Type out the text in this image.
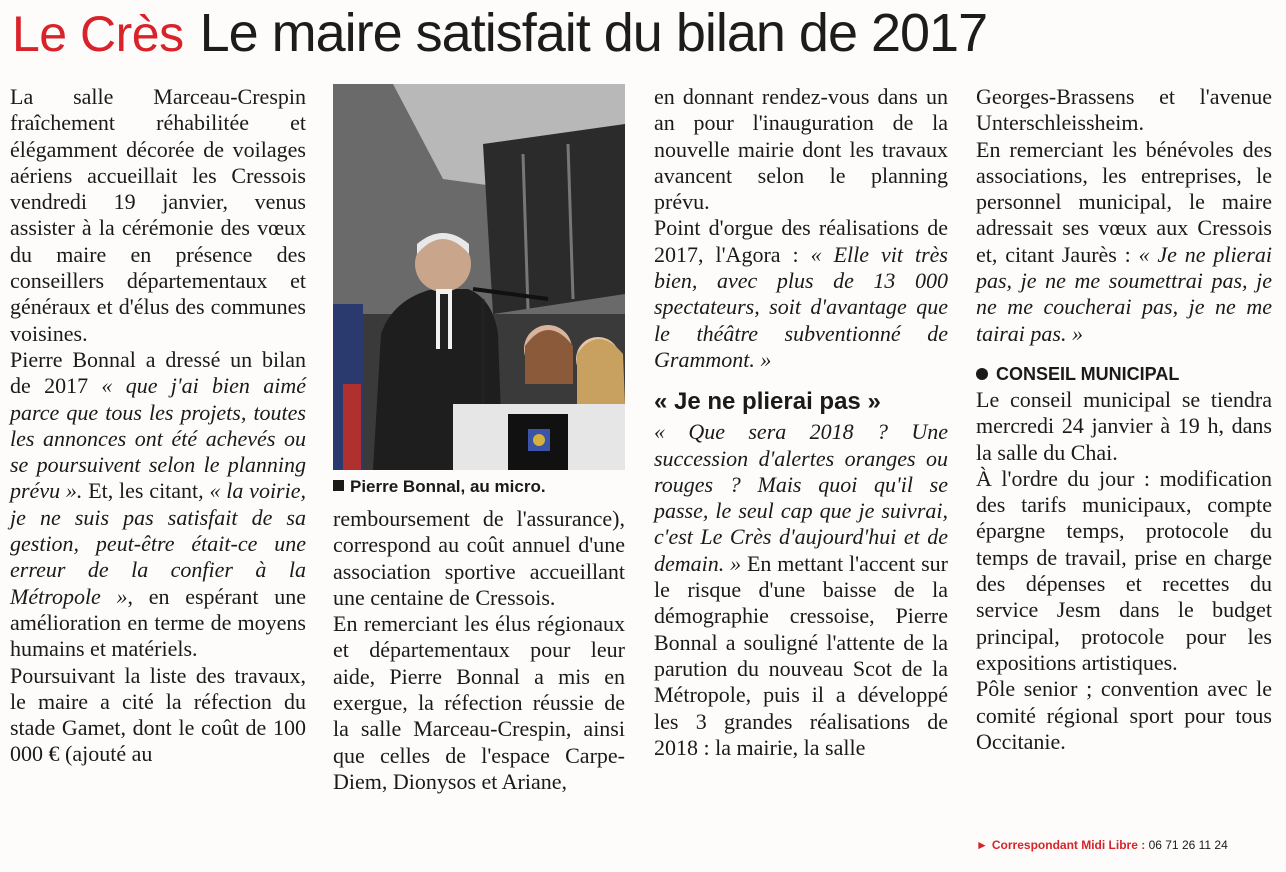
Le Crès Le maire satisfait du bilan de 2017

La salle Marceau-Crespin fraîchement réhabilitée et élégamment décorée de voilages aériens accueillait les Cressois vendredi 19 janvier, venus assister à la cérémonie des vœux du maire en présence des conseillers départementaux et généraux et d'élus des communes voisines.

Pierre Bonnal a dressé un bilan de 2017 « que j'ai bien aimé parce que tous les projets, toutes les annonces ont été achevés ou se poursuivent selon le planning prévu ». Et, les citant, « la voirie, je ne suis pas satisfait de sa gestion, peut-être était-ce une erreur de la confier à la Métropole », en espérant une amélioration en terme de moyens humains et matériels.

Poursuivant la liste des travaux, le maire a cité la réfection du stade Gamet, dont le coût de 100 000 € (ajouté au

Pierre Bonnal, au micro.

remboursement de l'assurance), correspond au coût annuel d'une association sportive accueillant une centaine de Cressois.

En remerciant les élus régionaux et départementaux pour leur aide, Pierre Bonnal a mis en exergue, la réfection réussie de la salle Marceau-Crespin, ainsi que celles de l'espace Carpe-Diem, Dionysos et Ariane,

en donnant rendez-vous dans un an pour l'inauguration de la nouvelle mairie dont les travaux avancent selon le planning prévu.

Point d'orgue des réalisations de 2017, l'Agora : « Elle vit très bien, avec plus de 13 000 spectateurs, soit d'avantage que le théâtre subventionné de Grammont. »

« Je ne plierai pas »

« Que sera 2018 ? Une succession d'alertes oranges ou rouges ? Mais quoi qu'il se passe, le seul cap que je suivrai, c'est Le Crès d'aujourd'hui et de demain. » En mettant l'accent sur le risque d'une baisse de la démographie cressoise, Pierre Bonnal a souligné l'attente de la parution du nouveau Scot de la Métropole, puis il a développé les 3 grandes réalisations de 2018 : la mairie, la salle

Georges-Brassens et l'avenue Unterschleissheim.

En remerciant les bénévoles des associations, les entreprises, le personnel municipal, le maire adressait ses vœux aux Cressois et, citant Jaurès : « Je ne plierai pas, je ne me soumettrai pas, je ne me coucherai pas, je ne me tairai pas. »

CONSEIL MUNICIPAL

Le conseil municipal se tiendra mercredi 24 janvier à 19 h, dans la salle du Chai.

À l'ordre du jour : modification des tarifs municipaux, compte épargne temps, protocole du temps de travail, prise en charge des dépenses et recettes du service Jesm dans le budget principal, protocole pour les expositions artistiques.

Pôle senior ; convention avec le comité régional sport pour tous Occitanie.

► Correspondant Midi Libre : 06 71 26 11 24
